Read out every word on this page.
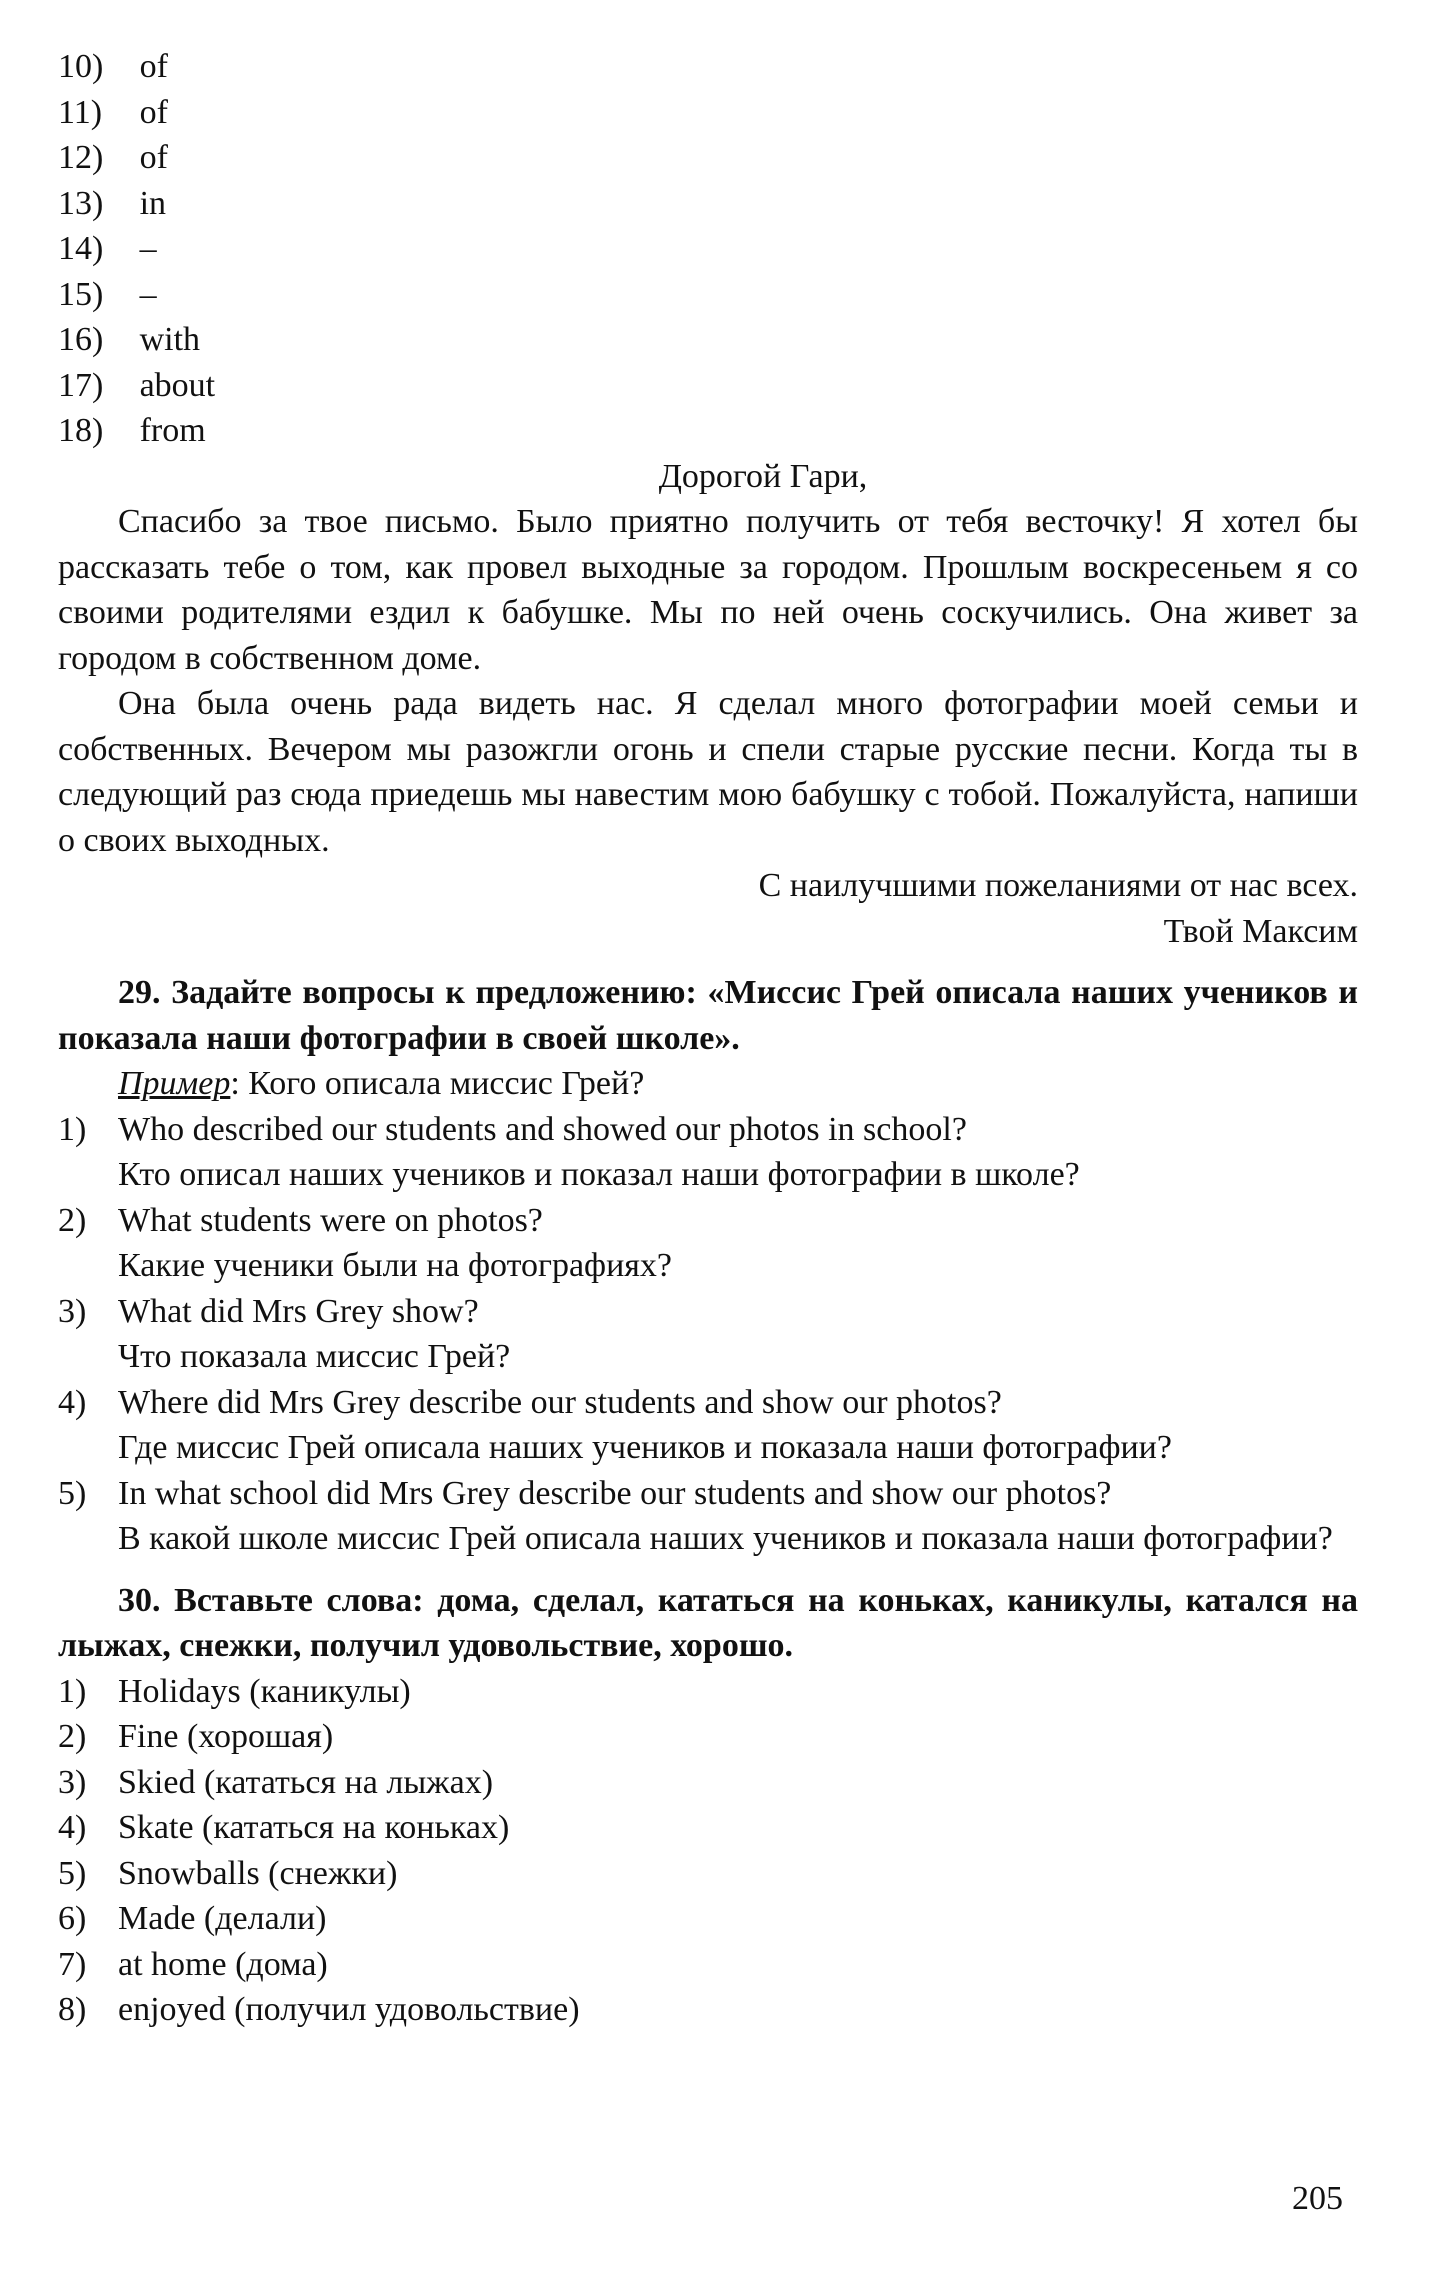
10)	of
11)	of
12)	of
13)	in
14)	–
15)	–
16)	with
17)	about
18)	from
Дорогой Гари,

Спасибо за твое письмо. Было приятно получить от тебя весточку! Я хотел бы рассказать тебе о том, как провел выходные за городом. Прошлым воскресеньем я со своими родителями ездил к бабушке. Мы по ней очень соскучились. Она живет за городом в собственном доме.

Она была очень рада видеть нас. Я сделал много фотографии моей семьи и собственных. Вечером мы разожгли огонь и спели старые русские песни. Когда ты в следующий раз сюда приедешь мы навестим мою бабушку с тобой. Пожалуйста, напиши о своих выходных.

С наилучшими пожеланиями от нас всех.
Твой Максим

29. Задайте вопросы к предложению: «Миссис Грей описала наших учеников и показала наши фотографии в своей школе».

Пример: Кого описала миссис Грей?
1) Who described our students and showed our photos in school?
Кто описал наших учеников и показал наши фотографии в школе?
2) What students were on photos?
Какие ученики были на фотографиях?
3) What did Mrs Grey show?
Что показала миссис Грей?
4) Where did Mrs Grey describe our students and show our photos?
Где миссис Грей описала наших учеников и показала наши фотографии?
5) In what school did Mrs Grey describe our students and show our photos?
В какой школе миссис Грей описала наших учеников и показала наши фотографии?

30. Вставьте слова: дома, сделал, кататься на коньках, каникулы, катался на лыжах, снежки, получил удовольствие, хорошо.

1) Holidays (каникулы)
2) Fine (хорошая)
3) Skied (кататься на лыжах)
4) Skate (кататься на коньках)
5) Snowballs (снежки)
6) Made (делали)
7) at home (дома)
8) enjoyed (получил удовольствие)
205
